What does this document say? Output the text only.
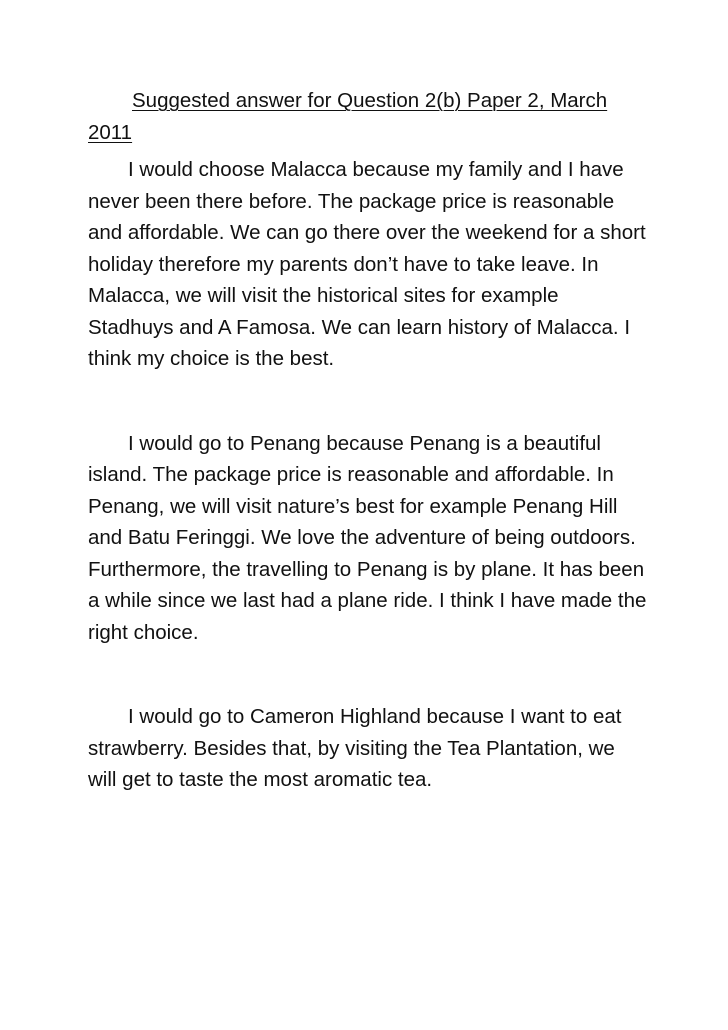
Suggested answer for Question 2(b) Paper 2, March 2011

I would choose Malacca because my family and I have never been there before. The package price is reasonable and affordable. We can go there over the weekend for a short holiday therefore my parents don’t have to take leave. In Malacca, we will visit the historical sites for example Stadhuys and A Famosa. We can learn history of Malacca. I think my choice is the best.

I would go to Penang because Penang is a beautiful island. The package price is reasonable and affordable. In Penang, we will visit nature’s best for example Penang Hill and Batu Feringgi. We love the adventure of being outdoors. Furthermore, the travelling to Penang is by plane. It has been a while since we last had a plane ride. I think I have made the right choice.

I would go to Cameron Highland because I want to eat strawberry. Besides that, by visiting the Tea Plantation, we will get to taste the most aromatic tea.
